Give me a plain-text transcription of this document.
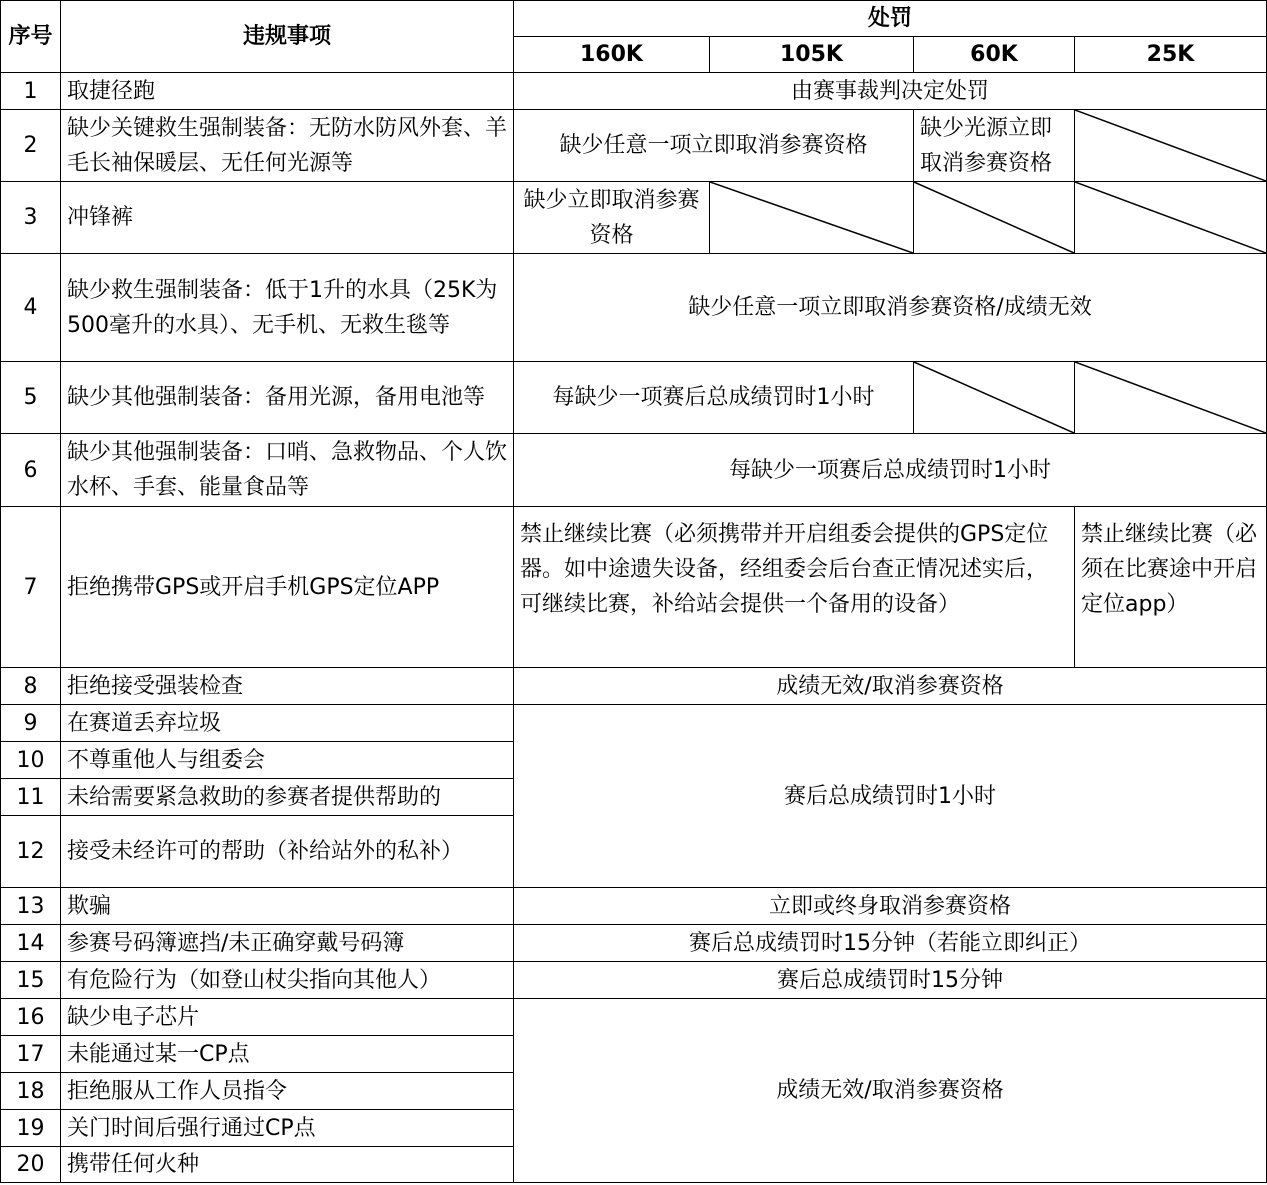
序号	违规事项	处罚			
		160K	105K	60K	25K
1	取捷径跑	由赛事裁判决定处罚			
2	缺少关键救生强制装备：无防水防风外套、羊毛长袖保暖层、无任何光源等	缺少任意一项立即取消参赛资格		缺少光源立即取消参赛资格	

3	冲锋裤	缺少立即取消参赛资格	

4	缺少救生强制装备：低于1升的水具（25K为500毫升的水具）、无手机、无救生毯等	缺少任意一项立即取消参赛资格/成绩无效			
5	缺少其他强制装备：备用光源，备用电池等	每缺少一项赛后总成绩罚时1小时	

6	缺少其他强制装备：口哨、急救物品、个人饮水杯、手套、能量食品等	每缺少一项赛后总成绩罚时1小时			
7	拒绝携带GPS或开启手机GPS定位APP	禁止继续比赛（必须携带并开启组委会提供的GPS定位器。如中途遗失设备，经组委会后台查正情况述实后，可继续比赛，补给站会提供一个备用的设备）			禁止继续比赛（必须在比赛途中开启定位app）
8	拒绝接受强装检查	成绩无效/取消参赛资格			
9	在赛道丢弃垃圾	赛后总成绩罚时1小时			
10	不尊重他人与组委会				
11	未给需要紧急救助的参赛者提供帮助的				
12	接受未经许可的帮助（补给站外的私补）				
13	欺骗	立即或终身取消参赛资格			
14	参赛号码簿遮挡/未正确穿戴号码簿	赛后总成绩罚时15分钟（若能立即纠正）			
15	有危险行为（如登山杖尖指向其他人）	赛后总成绩罚时15分钟			
16	缺少电子芯片	成绩无效/取消参赛资格			
17	未能通过某一CP点				
18	拒绝服从工作人员指令				
19	关门时间后强行通过CP点				
20	携带任何火种				
